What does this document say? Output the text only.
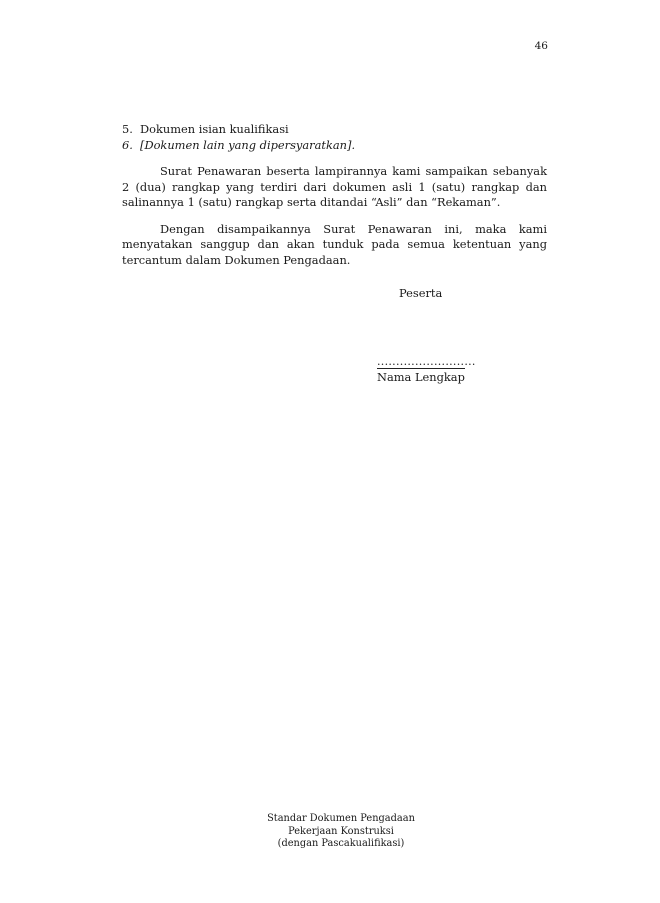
46

5. Dokumen isian kualifikasi

6. [Dokumen lain yang dipersyaratkan].

Surat Penawaran beserta lampirannya kami sampaikan sebanyak 2 (dua) rangkap yang terdiri dari dokumen asli 1 (satu) rangkap dan salinannya 1 (satu) rangkap serta ditandai “Asli” dan “Rekaman”.

Dengan disampaikannya Surat Penawaran ini, maka kami menyatakan sanggup dan akan tunduk pada semua ketentuan yang tercantum dalam Dokumen Pengadaan.

Peserta
..........................
Nama Lengkap
Standar Dokumen Pengadaan
Pekerjaan Konstruksi
(dengan Pascakualifikasi)
